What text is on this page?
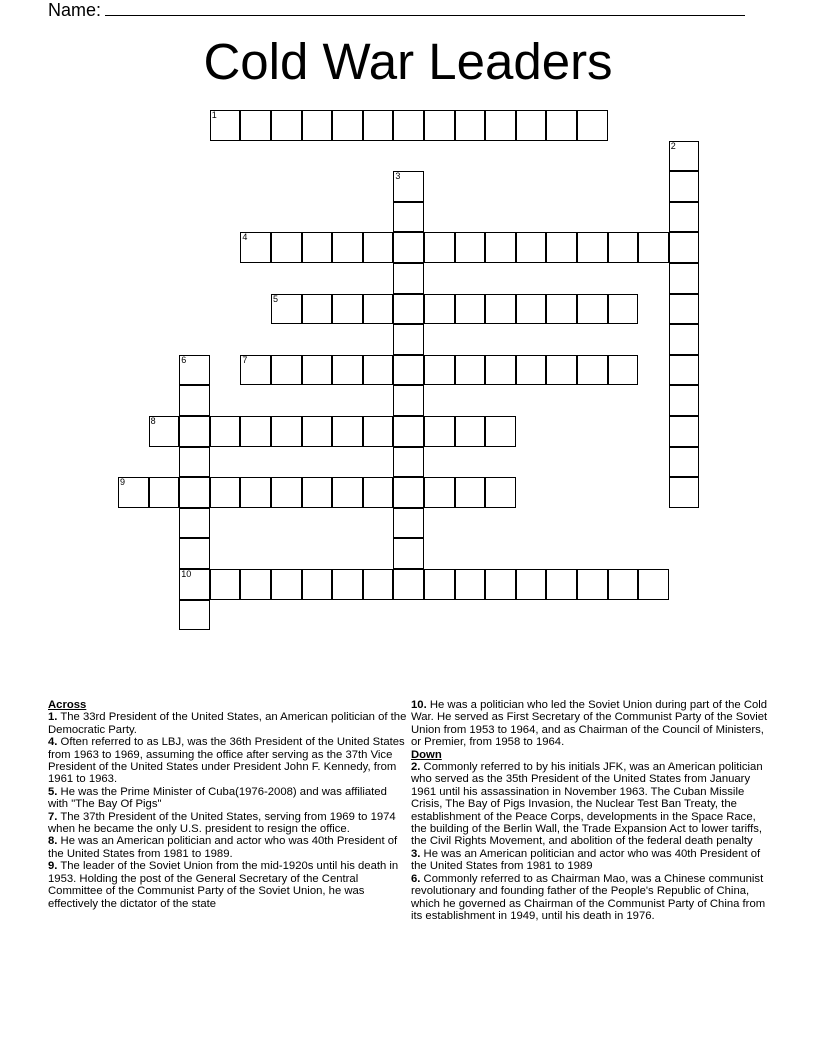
Name:
Cold War Leaders
1
2
3
4
5
6
10
7
8
9
Across
1. The 33rd President of the United States, an American politician of the Democratic Party.
4. Often referred to as LBJ, was the 36th President of the United States from 1963 to 1969, assuming the office after serving as the 37th Vice President of the United States under President John F. Kennedy, from 1961 to 1963.
5. He was the Prime Minister of Cuba(1976-2008) and was affiliated with "The Bay Of Pigs"
7. The 37th President of the United States, serving from 1969 to 1974 when he became the only U.S. president to resign the office.
8. He was an American politician and actor who was 40th President of the United States from 1981 to 1989.
9. The leader of the Soviet Union from the mid-1920s until his death in 1953. Holding the post of the General Secretary of the Central Committee of the Communist Party of the Soviet Union, he was effectively the dictator of the state
10. He was a politician who led the Soviet Union during part of the Cold War. He served as First Secretary of the Communist Party of the Soviet Union from 1953 to 1964, and as Chairman of the Council of Ministers, or Premier, from 1958 to 1964.
Down
2. Commonly referred to by his initials JFK, was an American politician who served as the 35th President of the United States from January 1961 until his assassination in November 1963. The Cuban Missile Crisis, The Bay of Pigs Invasion, the Nuclear Test Ban Treaty, the establishment of the Peace Corps, developments in the Space Race, the building of the Berlin Wall, the Trade Expansion Act to lower tariffs, the Civil Rights Movement, and abolition of the federal death penalty
3. He was an American politician and actor who was 40th President of the United States from 1981 to 1989
6. Commonly referred to as Chairman Mao, was a Chinese communist revolutionary and founding father of the People's Republic of China, which he governed as Chairman of the Communist Party of China from its establishment in 1949, until his death in 1976.
